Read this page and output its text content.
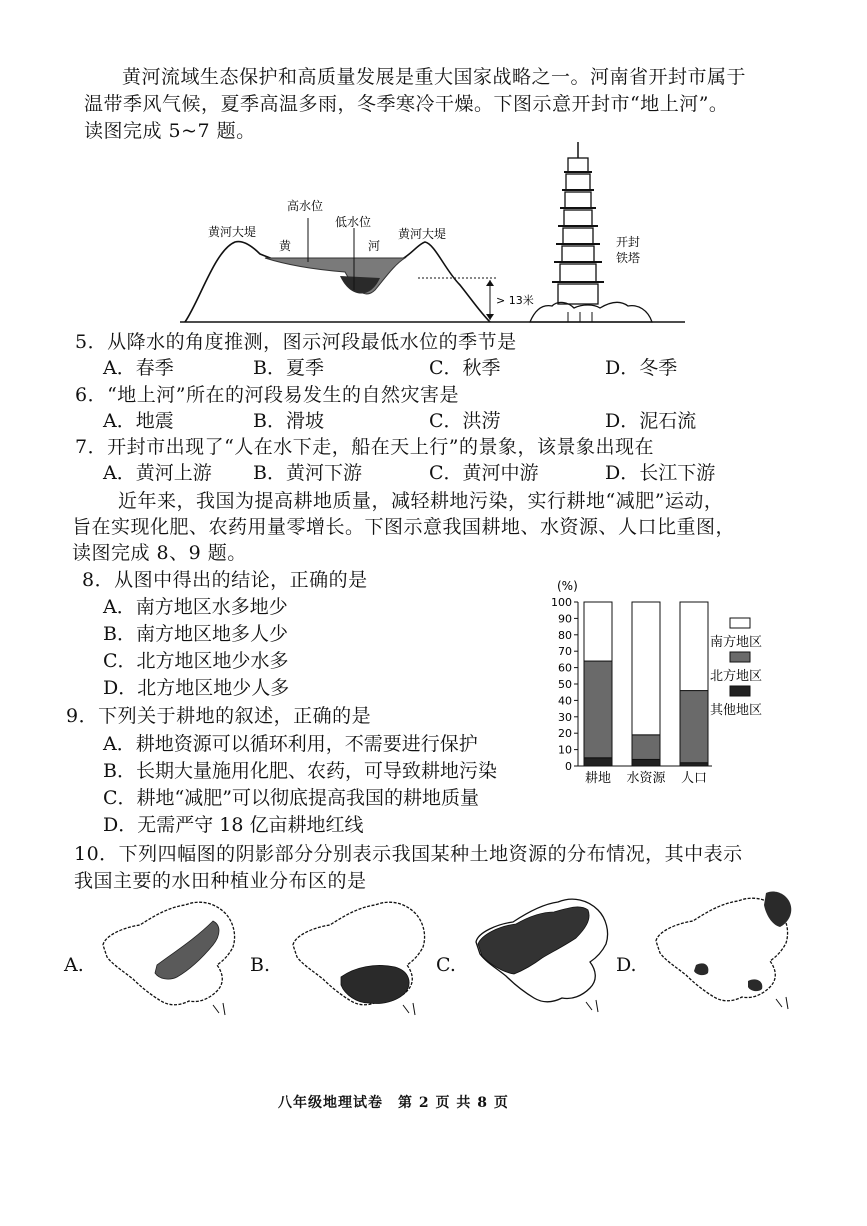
黄河流域生态保护和高质量发展是重大国家战略之一。河南省开封市属于
温带季风气候，夏季高温多雨，冬季寒冷干燥。下图示意开封市“地上河”。
读图完成 5~7 题。
黄河大堤
高水位
低水位
黄	河
黄河大堤
> 13米
开封
铁塔
5．从降水的角度推测，图示河段最低水位的季节是
A．春季	B．夏季	C．秋季	D．冬季
6．“地上河”所在的河段易发生的自然灾害是
A．地震	B．滑坡	C．洪涝	D．泥石流
7．开封市出现了“人在水下走，船在天上行”的景象，该景象出现在
A．黄河上游 B．黄河下游	C．黄河中游	D．长江下游
近年来，我国为提高耕地质量，减轻耕地污染，实行耕地“减肥”运动，
旨在实现化肥、农药用量零增长。下图示意我国耕地、水资源、人口比重图，
读图完成 8、9 题。
8．从图中得出的结论，正确的是
A．南方地区水多地少
B．南方地区地多人少
C．北方地区地少水多
D．北方地区地少人多
9．下列关于耕地的叙述，正确的是
A．耕地资源可以循环利用，不需要进行保护
B．长期大量施用化肥、农药，可导致耕地污染
C．耕地“减肥”可以彻底提高我国的耕地质量
D．无需严守 18 亿亩耕地红线
(%)
0
10
20
30
40
50
60
70
80
90
100
耕地 水资源 人口
南方地区
北方地区
其他地区
10．下列四幅图的阴影部分分别表示我国某种土地资源的分布情况，其中表示
我国主要的水田种植业分布区的是
A.	B.	C.	D.
八年级地理试卷　第 2 页 共 8 页
